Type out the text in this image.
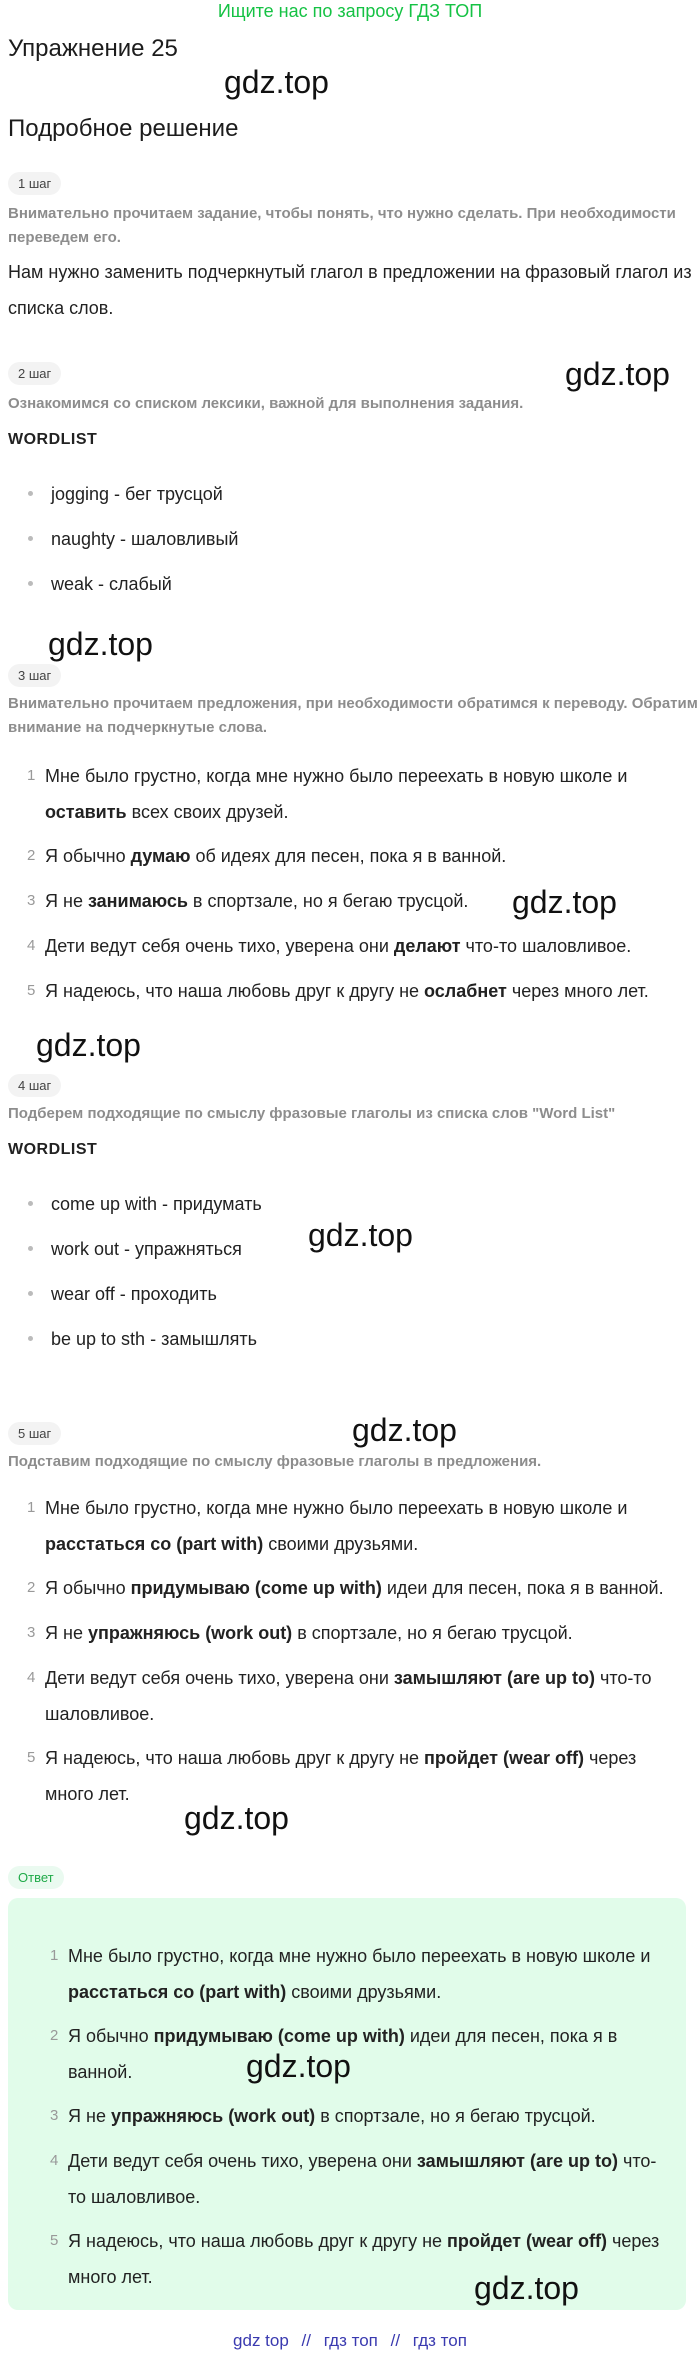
Ищите нас по запросу ГДЗ ТОП
Упражнение 25
gdz.top
Подробное решение
1 шаг
Внимательно прочитаем задание, чтобы понять, что нужно сделать. При необходимости переведем его.
Нам нужно заменить подчеркнутый глагол в предложении на фразовый глагол из списка слов.
2 шаг	gdz.top
Ознакомимся со списком лексики, важной для выполнения задания.
WORDLIST
jogging - бег трусцой
naughty - шаловливый
weak - слабый
gdz.top
3 шаг
Внимательно прочитаем предложения, при необходимости обратимся к переводу. Обратим внимание на подчеркнутые слова.
1 Мне было грустно, когда мне нужно было переехать в новую школе и
оставить всех своих друзей.
2 Я обычно думаю об идеях для песен, пока я в ванной.
3 Я не занимаюсь в спортзале, но я бегаю трусцой.	gdz.top
4 Дети ведут себя очень тихо, уверена они делают что-то шаловливое.
5 Я надеюсь, что наша любовь друг к другу не ослабнет через много лет.
gdz.top
4 шаг
Подберем подходящие по смыслу фразовые глаголы из списка слов "Word List"
WORDLIST
come up with - придумать
gdz.top
work out - упражняться
wear off - проходить
be up to sth - замышлять
gdz.top
5 шаг
Подставим подходящие по смыслу фразовые глаголы в предложения.
1 Мне было грустно, когда мне нужно было переехать в новую школе и
расстаться со (part with) своими друзьями.
2 Я обычно придумываю (come up with) идеи для песен, пока я в ванной.
3 Я не упражняюсь (work out) в спортзале, но я бегаю трусцой.
4 Дети ведут себя очень тихо, уверена они замышляют (are up to) что-то
шаловливое.
5 Я надеюсь, что наша любовь друг к другу не пройдет (wear off) через
много лет.
gdz.top
Ответ
1 Мне было грустно, когда мне нужно было переехать в новую школе и
расстаться со (part with) своими друзьями.
2 Я обычно придумываю (come up with) идеи для песен, пока я в
ванной.	gdz.top
3 Я не упражняюсь (work out) в спортзале, но я бегаю трусцой.
4 Дети ведут себя очень тихо, уверена они замышляют (are up to) что-
то шаловливое.
5 Я надеюсь, что наша любовь друг к другу не пройдет (wear off) через
много лет.	gdz.top
gdz top // гдз топ // гдз топ
